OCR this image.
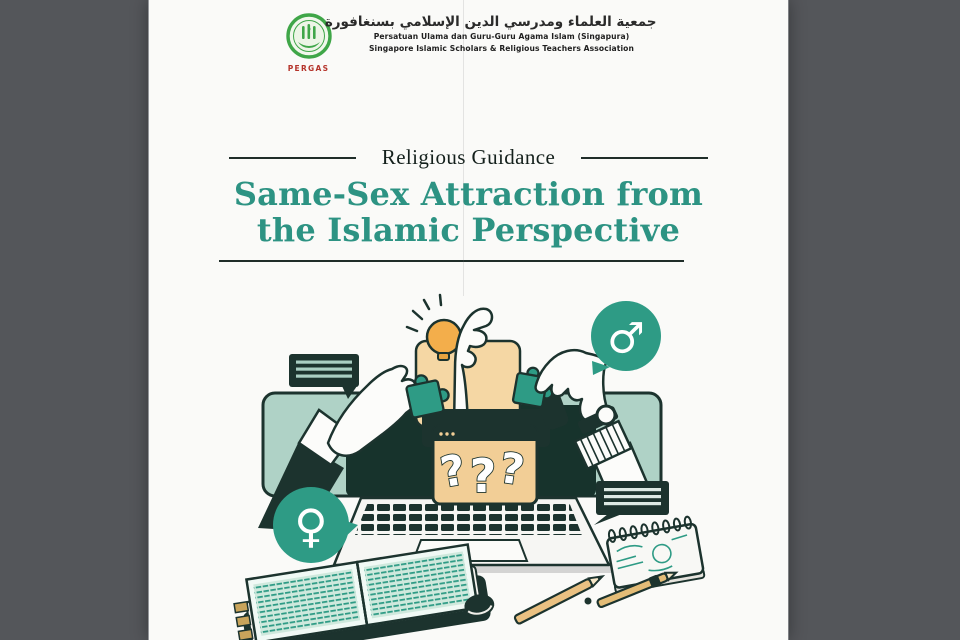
PERGAS
جمعية العلماء ومدرسي الدين الإسلامي بسنغافورة
Persatuan Ulama dan Guru-Guru Agama Islam (Singapura)
Singapore Islamic Scholars & Religious Teachers Association
Religious Guidance
Same-Sex Attraction from
the Islamic Perspective
? ? ?
♂
♀
